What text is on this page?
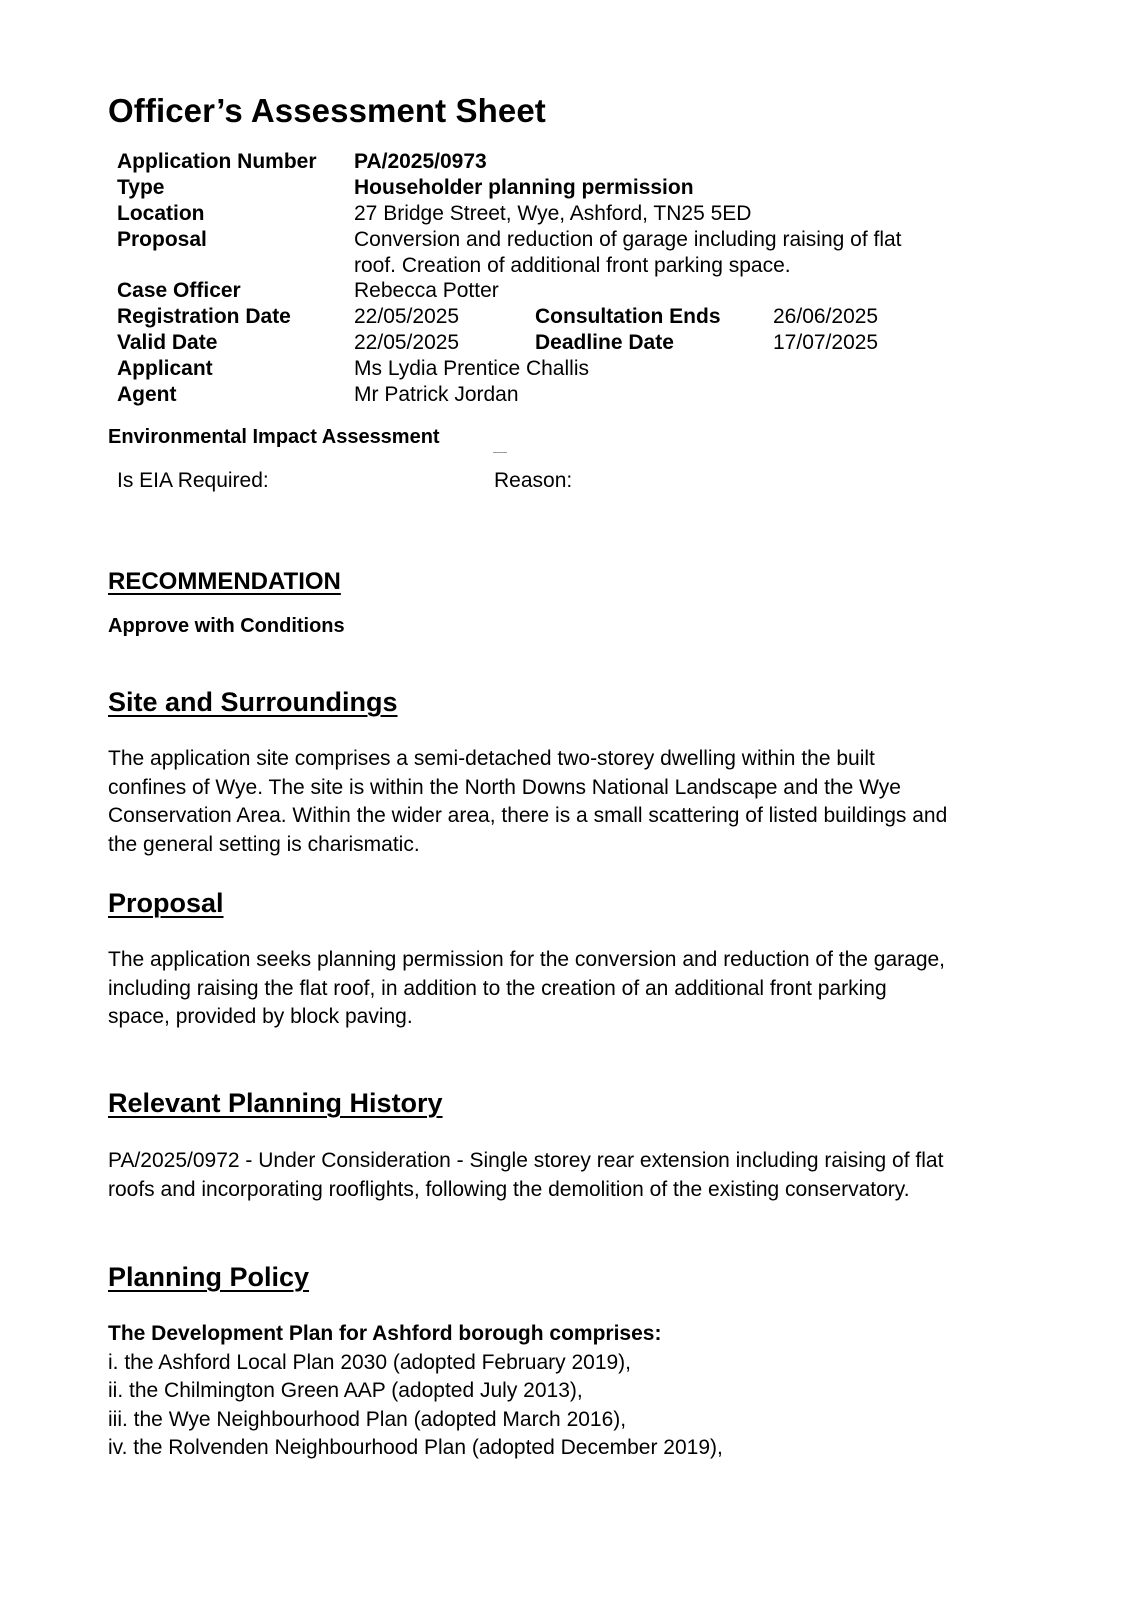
Officer’s Assessment Sheet
Application Number PA/2025/0973
Type	Householder planning permission
Location	27 Bridge Street, Wye, Ashford, TN25 5ED
Proposal	Conversion and reduction of garage including raising of flat
roof. Creation of additional front parking space.
Case Officer	Rebecca Potter
Registration Date	22/05/2025	Consultation Ends	26/06/2025
Valid Date	22/05/2025	Deadline Date	17/07/2025
Applicant	Ms Lydia Prentice Challis
Agent	Mr Patrick Jordan
Environmental Impact Assessment
Is EIA Required:	Reason:
RECOMMENDATION
Approve with Conditions
Site and Surroundings
The application site comprises a semi-detached two-storey dwelling within the built
confines of Wye. The site is within the North Downs National Landscape and the Wye
Conservation Area. Within the wider area, there is a small scattering of listed buildings and
the general setting is charismatic.
Proposal
The application seeks planning permission for the conversion and reduction of the garage,
including raising the flat roof, in addition to the creation of an additional front parking
space, provided by block paving.
Relevant Planning History
PA/2025/0972 - Under Consideration - Single storey rear extension including raising of flat
roofs and incorporating rooflights, following the demolition of the existing conservatory.
Planning Policy
The Development Plan for Ashford borough comprises:
i. the Ashford Local Plan 2030 (adopted February 2019),
ii. the Chilmington Green AAP (adopted July 2013),
iii. the Wye Neighbourhood Plan (adopted March 2016),
iv. the Rolvenden Neighbourhood Plan (adopted December 2019),
